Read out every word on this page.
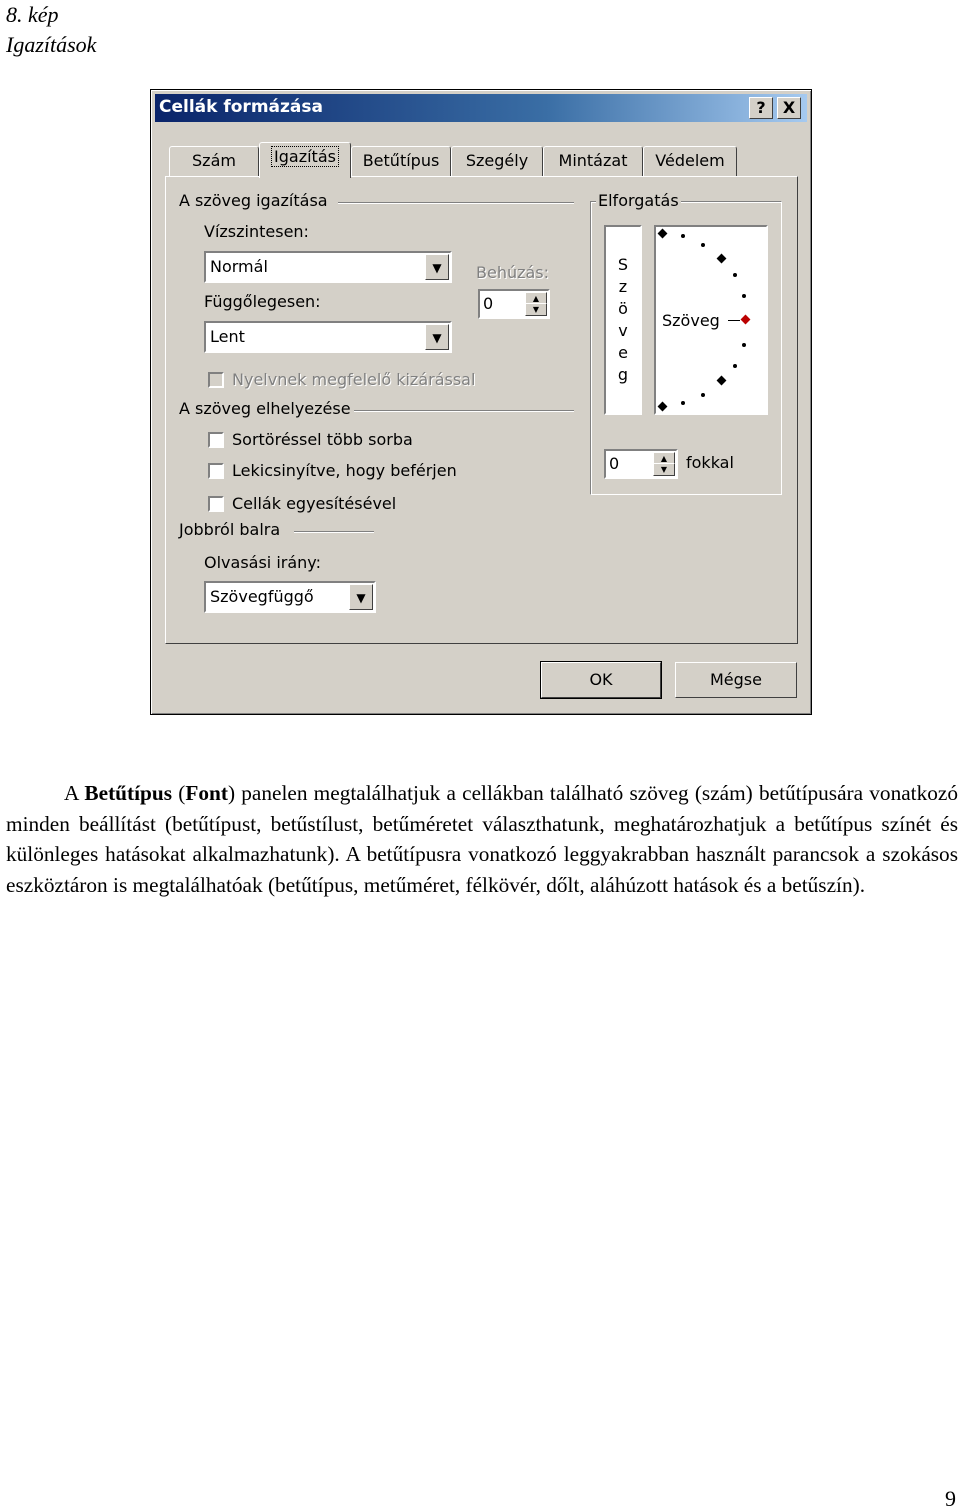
8. kép
Igazítások
Cellák formázása	?	X
Szám	Igazítás	Betűtípus	Szegély	Mintázat	Védelem
A szöveg igazítása
Vízszintesen:
Normál	▼	Behúzás:
0	▲
▼
Függőlegesen:
Lent	▼
Nyelvnek megfelelő kizárással
A szöveg elhelyezése
Sortöréssel több sorba
Lekicsinyítve, hogy beférjen
Cellák egyesítésével
Jobbról balra
Olvasási irány:
Szövegfüggő	▼
Elforgatás
S
z
ö
v
e
g
Szöveg
0	▲
▼	fokkal
OK	Mégse
A Betűtípus (Font) panelen megtalálhatjuk a cellákban található szöveg (szám) betűtípusára vonatkozó minden beállítást (betűtípust, betűstílust, betűméretet választhatunk, meghatározhatjuk a betűtípus színét és különleges hatásokat alkalmazhatunk). A betűtípusra vonatkozó leggyakrabban használt parancsok a szokásos eszköztáron is megtalálhatóak (betűtípus, metűméret, félkövér, dőlt, aláhúzott hatások és a betűszín).
9
